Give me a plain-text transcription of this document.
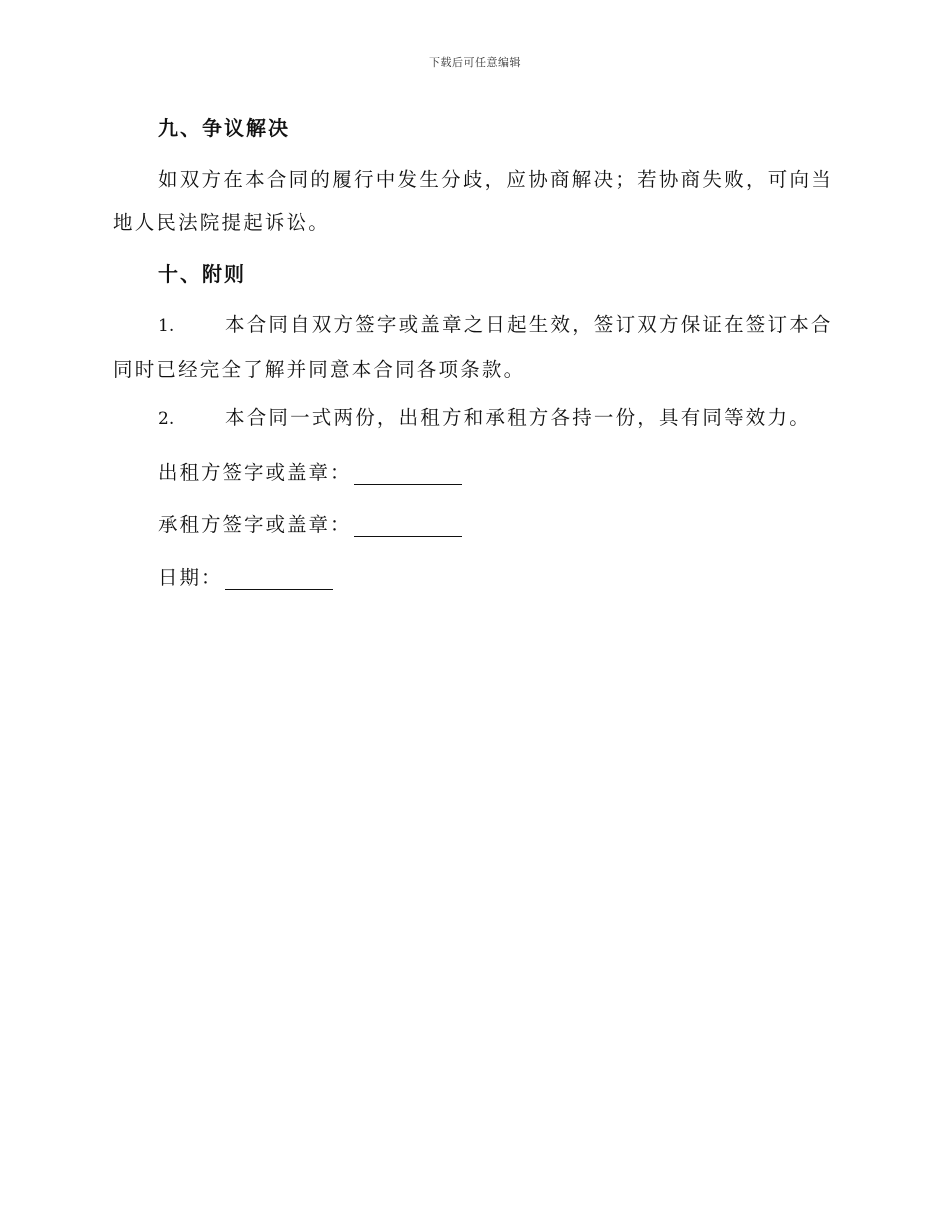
下载后可任意编辑
九、争议解决
如双方在本合同的履行中发生分歧，应协商解决；若协商失败，可向当地人民法院提起诉讼。
十、附则
1.	本合同自双方签字或盖章之日起生效，签订双方保证在签订本合
同时已经完全了解并同意本合同各项条款。
2.	本合同一式两份，出租方和承租方各持一份，具有同等效力。
出租方签字或盖章：
承租方签字或盖章：
日期：
